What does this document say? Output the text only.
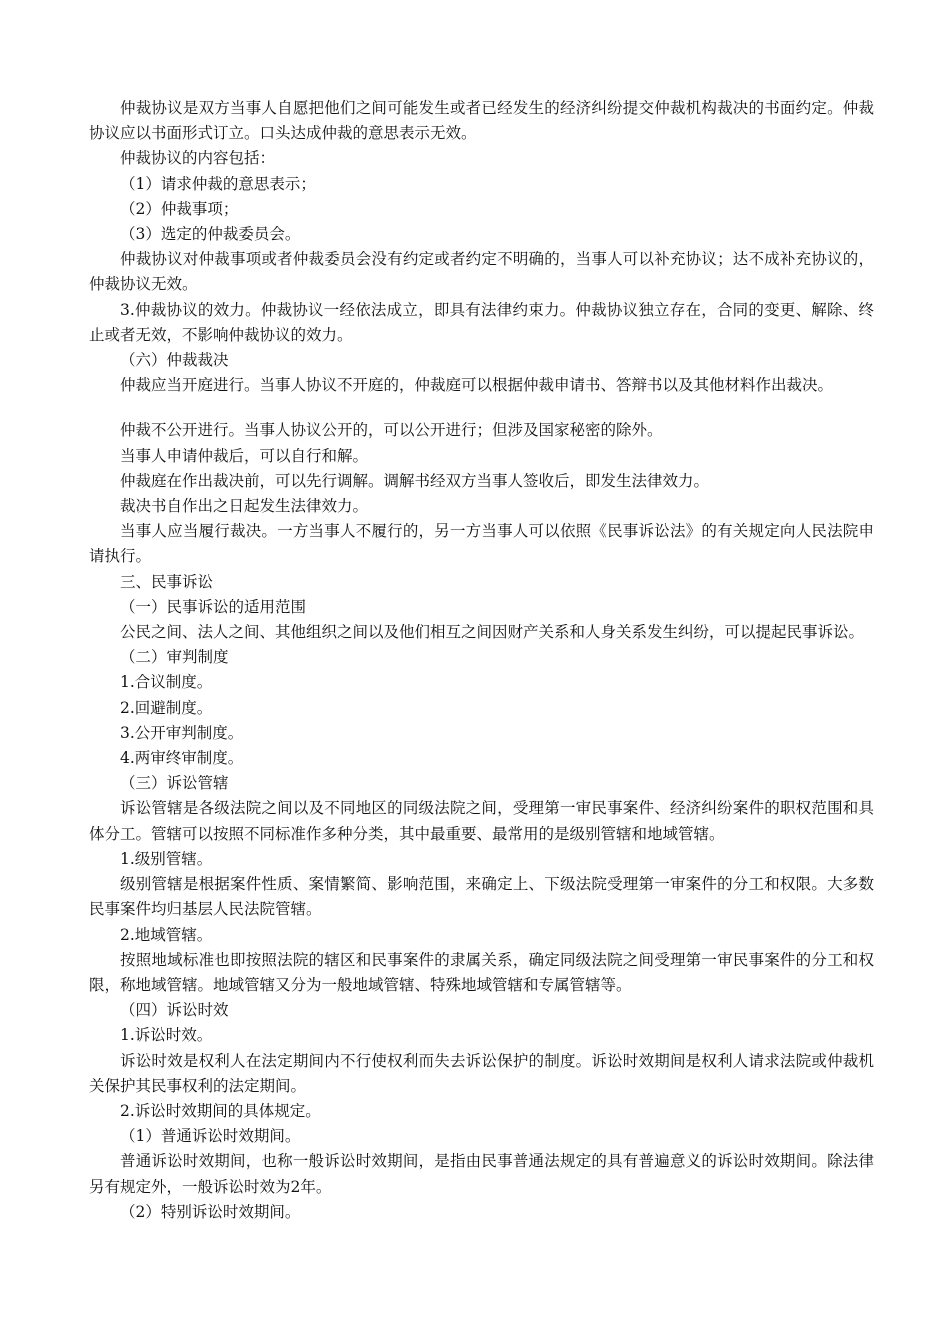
仲裁协议是双方当事人自愿把他们之间可能发生或者已经发生的经济纠纷提交仲裁机构裁决的书面约定。仲裁协议应以书面形式订立。口头达成仲裁的意思表示无效。

仲裁协议的内容包括：

（1）请求仲裁的意思表示；

（2）仲裁事项；

（3）选定的仲裁委员会。

仲裁协议对仲裁事项或者仲裁委员会没有约定或者约定不明确的，当事人可以补充协议；达不成补充协议的，仲裁协议无效。

3.仲裁协议的效力。仲裁协议一经依法成立，即具有法律约束力。仲裁协议独立存在，合同的变更、解除、终止或者无效，不影响仲裁协议的效力。

（六）仲裁裁决

仲裁应当开庭进行。当事人协议不开庭的，仲裁庭可以根据仲裁申请书、答辩书以及其他材料作出裁决。

仲裁不公开进行。当事人协议公开的，可以公开进行；但涉及国家秘密的除外。

当事人申请仲裁后，可以自行和解。

仲裁庭在作出裁决前，可以先行调解。调解书经双方当事人签收后，即发生法律效力。

裁决书自作出之日起发生法律效力。

当事人应当履行裁决。一方当事人不履行的，另一方当事人可以依照《民事诉讼法》的有关规定向人民法院申请执行。

三、民事诉讼

（一）民事诉讼的适用范围

公民之间、法人之间、其他组织之间以及他们相互之间因财产关系和人身关系发生纠纷，可以提起民事诉讼。

（二）审判制度

1.合议制度。

2.回避制度。

3.公开审判制度。

4.两审终审制度。

（三）诉讼管辖

诉讼管辖是各级法院之间以及不同地区的同级法院之间，受理第一审民事案件、经济纠纷案件的职权范围和具体分工。管辖可以按照不同标准作多种分类，其中最重要、最常用的是级别管辖和地域管辖。

1.级别管辖。

级别管辖是根据案件性质、案情繁简、影响范围，来确定上、下级法院受理第一审案件的分工和权限。大多数民事案件均归基层人民法院管辖。

2.地域管辖。

按照地域标准也即按照法院的辖区和民事案件的隶属关系，确定同级法院之间受理第一审民事案件的分工和权限，称地域管辖。地域管辖又分为一般地域管辖、特殊地域管辖和专属管辖等。

（四）诉讼时效

1.诉讼时效。

诉讼时效是权利人在法定期间内不行使权利而失去诉讼保护的制度。诉讼时效期间是权利人请求法院或仲裁机关保护其民事权利的法定期间。

2.诉讼时效期间的具体规定。

（1）普通诉讼时效期间。

普通诉讼时效期间，也称一般诉讼时效期间，是指由民事普通法规定的具有普遍意义的诉讼时效期间。除法律另有规定外，一般诉讼时效为2年。

（2）特别诉讼时效期间。
